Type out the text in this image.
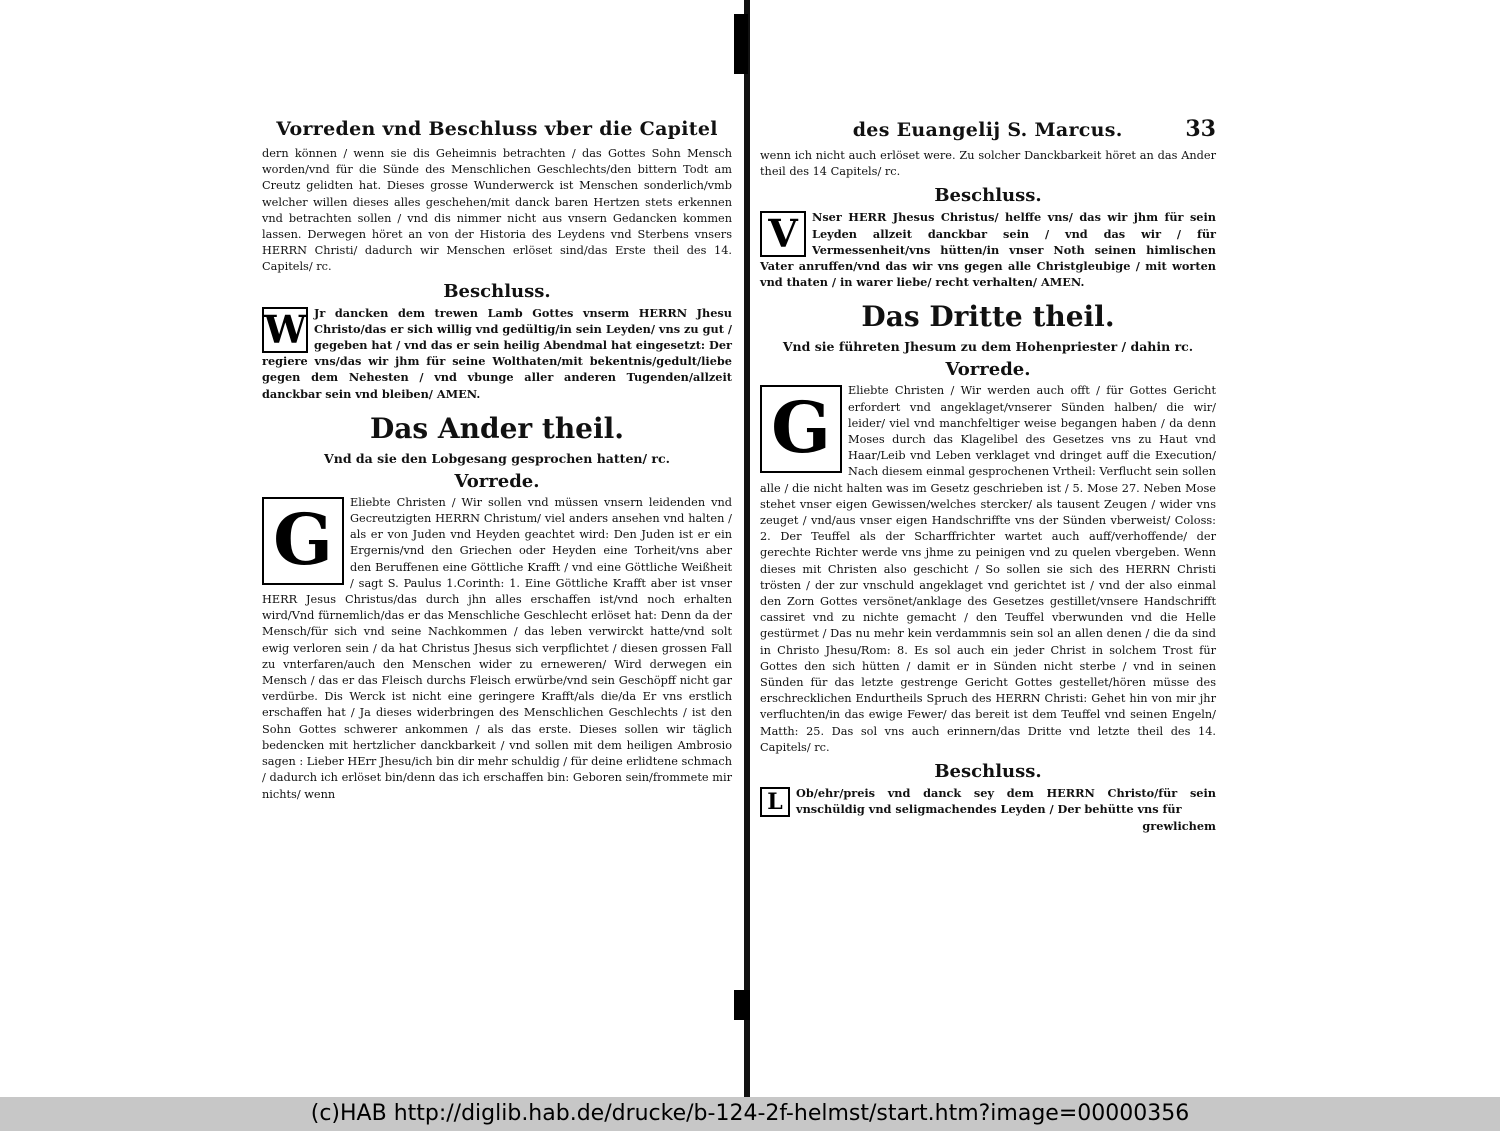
Vorreden vnd Beschluss vber die Capitel
dern können / wenn sie dis Geheimnis betrachten / das Gottes Sohn Mensch worden/vnd für die Sünde des Menschlichen Geschlechts/den bittern Todt am Creutz gelidten hat. Dieses grosse Wunderwerck ist Menschen sonderlich/vmb welcher willen dieses alles geschehen/mit danck baren Hertzen stets erkennen vnd betrachten sollen / vnd dis nimmer nicht aus vnsern Gedancken kommen lassen. Derwegen höret an von der Historia des Leydens vnd Sterbens vnsers HERRN Christi/ dadurch wir Menschen erlöset sind/das Erste theil des 14. Capitels/ rc.
Beschluss.
W Jr dancken dem trewen Lamb Gottes vnserm HERRN Jhesu Christo/das er sich willig vnd gedültig/in sein Leyden/ vns zu gut / gegeben hat / vnd das er sein heilig Abendmal hat eingesetzt: Der regiere vns/das wir jhm für seine Wolthaten/mit bekentnis/gedult/liebe gegen dem Nehesten / vnd vbunge aller anderen Tugenden/allzeit danckbar sein vnd bleiben/ AMEN.
Das Ander theil.
Vnd da sie den Lobgesang gesprochen hatten/ rc.
Vorrede.
G	Eliebte Christen / Wir sollen vnd müssen vnsern leidenden vnd Gecreutzigten HERRN Christum/ viel anders ansehen vnd halten / als er von Juden vnd Heyden geachtet wird: Den Juden ist er ein Ergernis/vnd den Griechen oder Heyden eine Torheit/vns aber den Beruffenen eine Göttliche Krafft / vnd eine Göttliche Weißheit / sagt S. Paulus 1.Corinth: 1. Eine Göttliche Krafft aber ist vnser HERR Jesus Christus/das durch jhn alles erschaffen ist/vnd noch erhalten wird/Vnd fürnemlich/das er das Menschliche Geschlecht erlöset hat: Denn da der Mensch/für sich vnd seine Nachkommen / das leben verwirckt hatte/vnd solt ewig verloren sein / da hat Christus Jhesus sich verpflichtet / diesen grossen Fall zu vnterfaren/auch den Menschen wider zu erneweren/ Wird derwegen ein Mensch / das er das Fleisch durchs Fleisch erwürbe/vnd sein Geschöpff nicht gar verdürbe. Dis Werck ist nicht eine geringere Krafft/als die/da Er vns erstlich erschaffen hat / Ja dieses widerbringen des Menschlichen Geschlechts / ist den Sohn Gottes schwerer ankommen / als das erste. Dieses sollen wir täglich bedencken mit hertzlicher danckbarkeit / vnd sollen mit dem heiligen Ambrosio sagen : Lieber HErr Jhesu/ich bin dir mehr schuldig / für deine erlidtene schmach / dadurch ich erlöset bin/denn das ich erschaffen bin: Geboren sein/frommete mir nichts/ wenn
des Euangelij S. Marcus.	33
wenn ich nicht auch erlöset were. Zu solcher Danckbarkeit höret an das Ander theil des 14 Capitels/ rc.
Beschluss.
V	Nser HERR Jhesus Christus/ helffe vns/ das wir jhm für sein Leyden allzeit danckbar sein / vnd das wir / für Vermessenheit/vns hütten/in vnser Noth seinen himlischen Vater anruffen/vnd das wir vns gegen alle Christgleubige / mit worten vnd thaten / in warer liebe/ recht verhalten/ AMEN.
Das Dritte theil.
Vnd sie führeten Jhesum zu dem Hohenpriester / dahin rc.
Vorrede.
G	Eliebte Christen / Wir werden auch offt / für Gottes Gericht erfordert vnd angeklaget/vnserer Sünden halben/ die wir/ leider/ viel vnd manchfeltiger weise begangen haben / da denn Moses durch das Klagelibel des Gesetzes vns zu Haut vnd Haar/Leib vnd Leben verklaget vnd dringet auff die Execution/ Nach diesem einmal gesprochenen Vrtheil: Verflucht sein sollen alle / die nicht halten was im Gesetz geschrieben ist / 5. Mose 27. Neben Mose stehet vnser eigen Gewissen/welches stercker/ als tausent Zeugen / wider vns zeuget / vnd/aus vnser eigen Handschriffte vns der Sünden vberweist/ Coloss: 2. Der Teuffel als der Scharffrichter wartet auch auff/verhoffende/ der gerechte Richter werde vns jhme zu peinigen vnd zu quelen vbergeben. Wenn dieses mit Christen also geschicht / So sollen sie sich des HERRN Christi trösten / der zur vnschuld angeklaget vnd gerichtet ist / vnd der also einmal den Zorn Gottes versönet/anklage des Gesetzes gestillet/vnsere Handschrifft cassiret vnd zu nichte gemacht / den Teuffel vberwunden vnd die Helle gestürmet / Das nu mehr kein verdammnis sein sol an allen denen / die da sind in Christo Jhesu/Rom: 8. Es sol auch ein jeder Christ in solchem Trost für Gottes den sich hütten / damit er in Sünden nicht sterbe / vnd in seinen Sünden für das letzte gestrenge Gericht Gottes gestellet/hören müsse des erschrecklichen Endurtheils Spruch des HERRN Christi: Gehet hin von mir jhr verfluchten/in das ewige Fewer/ das bereit ist dem Teuffel vnd seinen Engeln/ Matth: 25. Das sol vns auch erinnern/das Dritte vnd letzte theil des 14. Capitels/ rc.
Beschluss.
L	Ob/ehr/preis vnd danck sey dem HERRN Christo/für sein vnschüldig vnd seligmachendes Leyden / Der behütte vns für
grewlichem
(c)HAB http://diglib.hab.de/drucke/b-124-2f-helmst/start.htm?image=00000356
